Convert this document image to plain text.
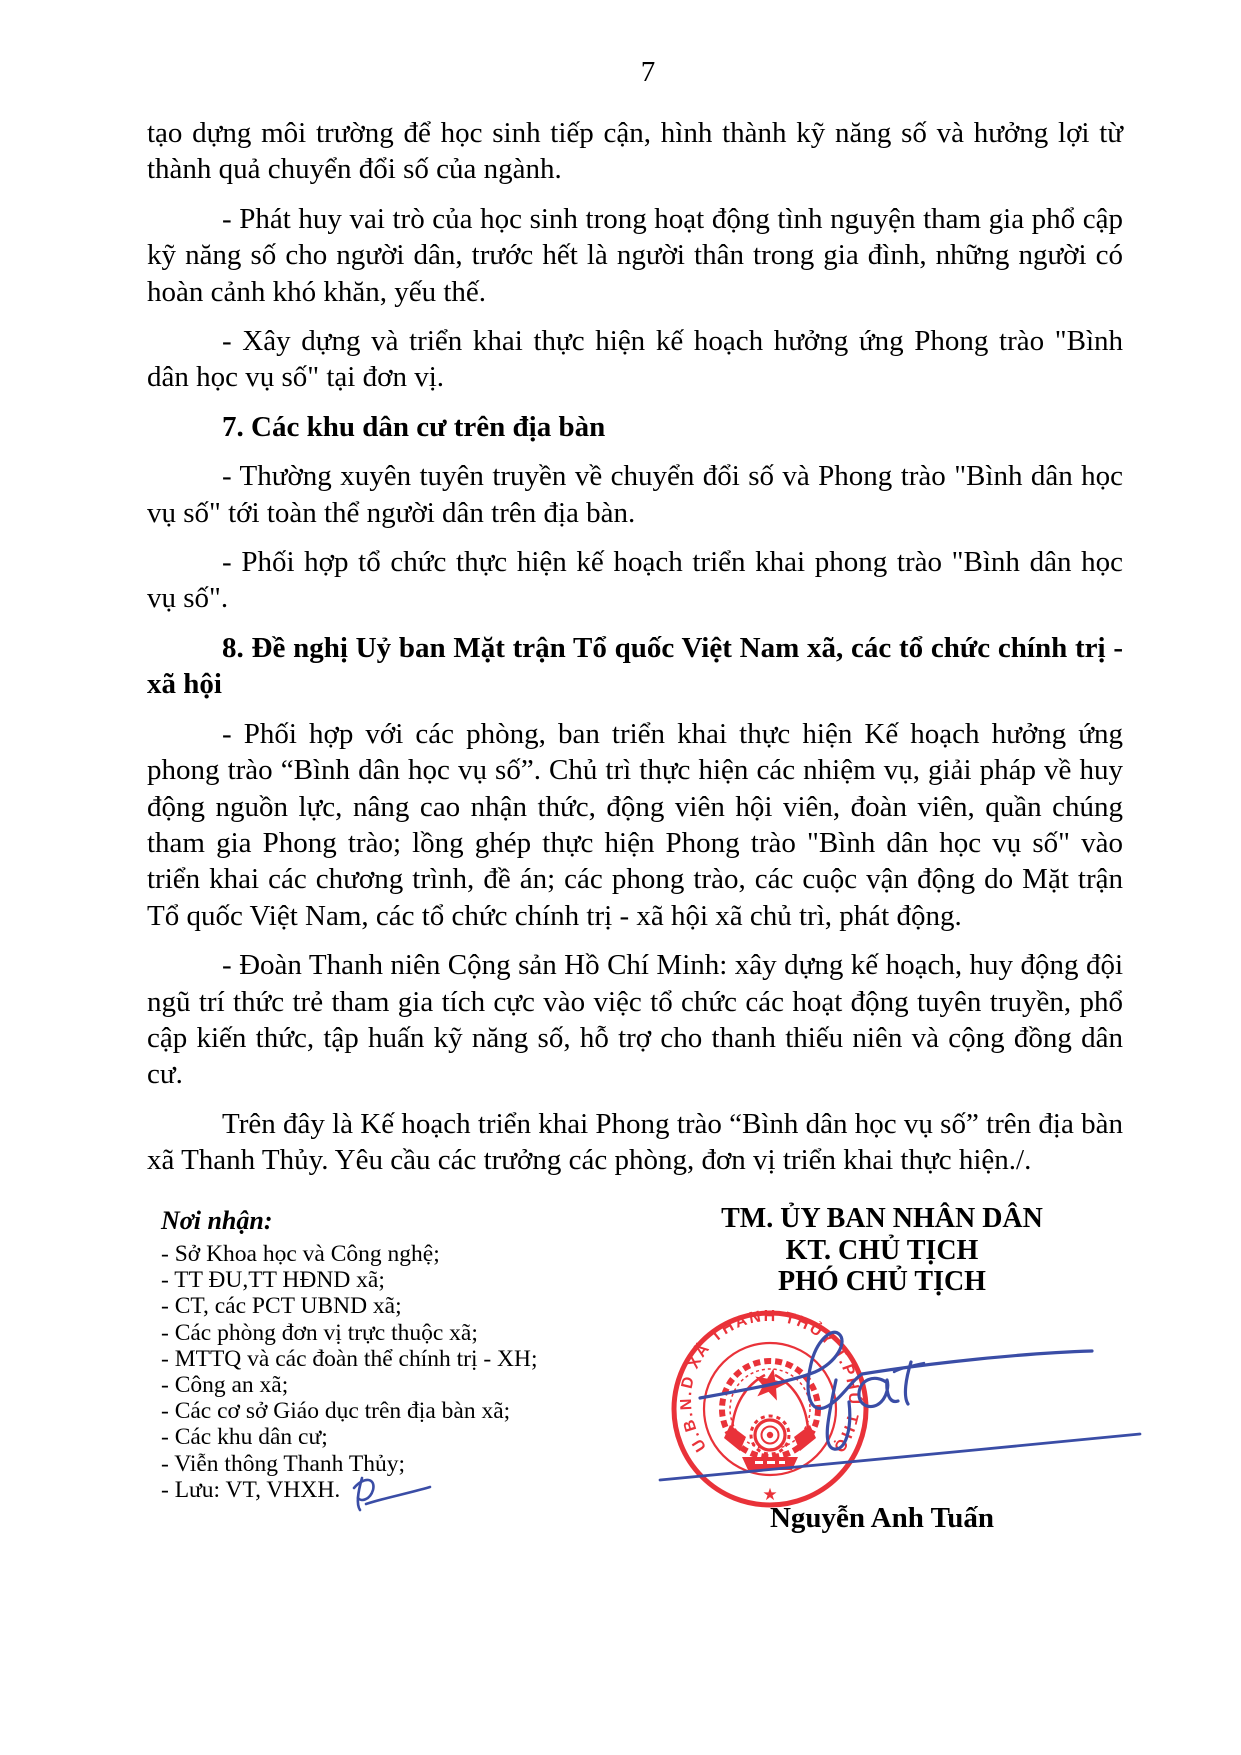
7

tạo dựng môi trường để học sinh tiếp cận, hình thành kỹ năng số và hưởng lợi từ thành quả chuyển đổi số của ngành.

- Phát huy vai trò của học sinh trong hoạt động tình nguyện tham gia phổ cập kỹ năng số cho người dân, trước hết là người thân trong gia đình, những người có hoàn cảnh khó khăn, yếu thế.

- Xây dựng và triển khai thực hiện kế hoạch hưởng ứng Phong trào "Bình dân học vụ số" tại đơn vị.

7. Các khu dân cư trên địa bàn

- Thường xuyên tuyên truyền về chuyển đổi số và Phong trào "Bình dân học vụ số" tới toàn thể người dân trên địa bàn.

- Phối hợp tổ chức thực hiện kế hoạch triển khai phong trào "Bình dân học vụ số".

8. Đề nghị Uỷ ban Mặt trận Tổ quốc Việt Nam xã, các tổ chức chính trị - xã hội

- Phối hợp với các phòng, ban triển khai thực hiện Kế hoạch hưởng ứng phong trào “Bình dân học vụ số”. Chủ trì thực hiện các nhiệm vụ, giải pháp về huy động nguồn lực, nâng cao nhận thức, động viên hội viên, đoàn viên, quần chúng tham gia Phong trào; lồng ghép thực hiện Phong trào "Bình dân học vụ số" vào triển khai các chương trình, đề án; các phong trào, các cuộc vận động do Mặt trận Tổ quốc Việt Nam, các tổ chức chính trị - xã hội xã chủ trì, phát động.

- Đoàn Thanh niên Cộng sản Hồ Chí Minh: xây dựng kế hoạch, huy động đội ngũ trí thức trẻ tham gia tích cực vào việc tổ chức các hoạt động tuyên truyền, phổ cập kiến thức, tập huấn kỹ năng số, hỗ trợ cho thanh thiếu niên và cộng đồng dân cư.

Trên đây là Kế hoạch triển khai Phong trào “Bình dân học vụ số” trên địa bàn xã Thanh Thủy. Yêu cầu các trưởng các phòng, đơn vị triển khai thực hiện./.

Nơi nhận:
- Sở Khoa học và Công nghệ;
- TT ĐU,TT HĐND xã;
- CT, các PCT UBND xã;
- Các phòng đơn vị trực thuộc xã;
- MTTQ và các đoàn thể chính trị - XH;
- Công an xã;
- Các cơ sở Giáo dục trên địa bàn xã;
- Các khu dân cư;
- Viễn thông Thanh Thủy;
- Lưu: VT, VHXH.
TM. ỦY BAN NHÂN DÂN
KT. CHỦ TỊCH
PHÓ CHỦ TỊCH
U.B.N.D XÃ THANH THỦY T.PHÚ THỌ
★
Nguyễn Anh Tuấn
